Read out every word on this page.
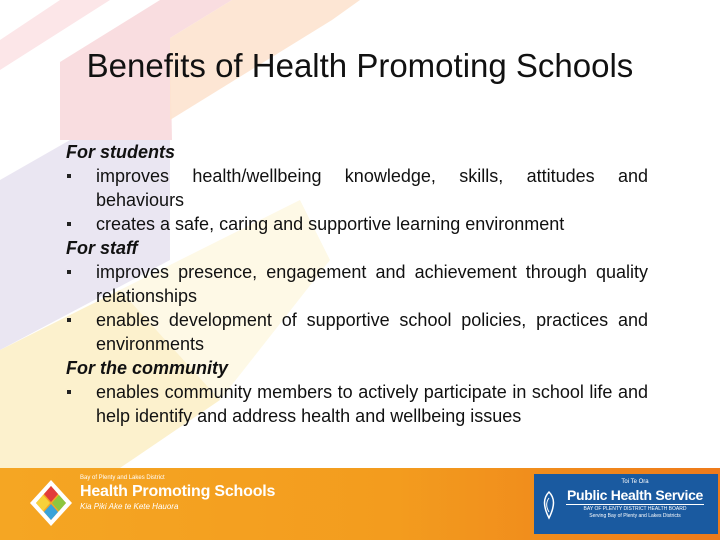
Benefits of Health Promoting Schools
For students
improves health/wellbeing knowledge, skills, attitudes and behaviours
creates a safe, caring and supportive learning environment
For staff
improves presence, engagement and achievement through quality relationships
enables development of supportive school policies, practices and environments
For the community
enables community members to actively participate in school life and help identify and address health and wellbeing issues
Bay of Plenty and Lakes District
Health Promoting Schools
Kia Piki Ake te Kete Hauora
Toi Te Ora
Public Health Service
BAY OF PLENTY DISTRICT HEALTH BOARD
Serving Bay of Plenty and Lakes Districts
